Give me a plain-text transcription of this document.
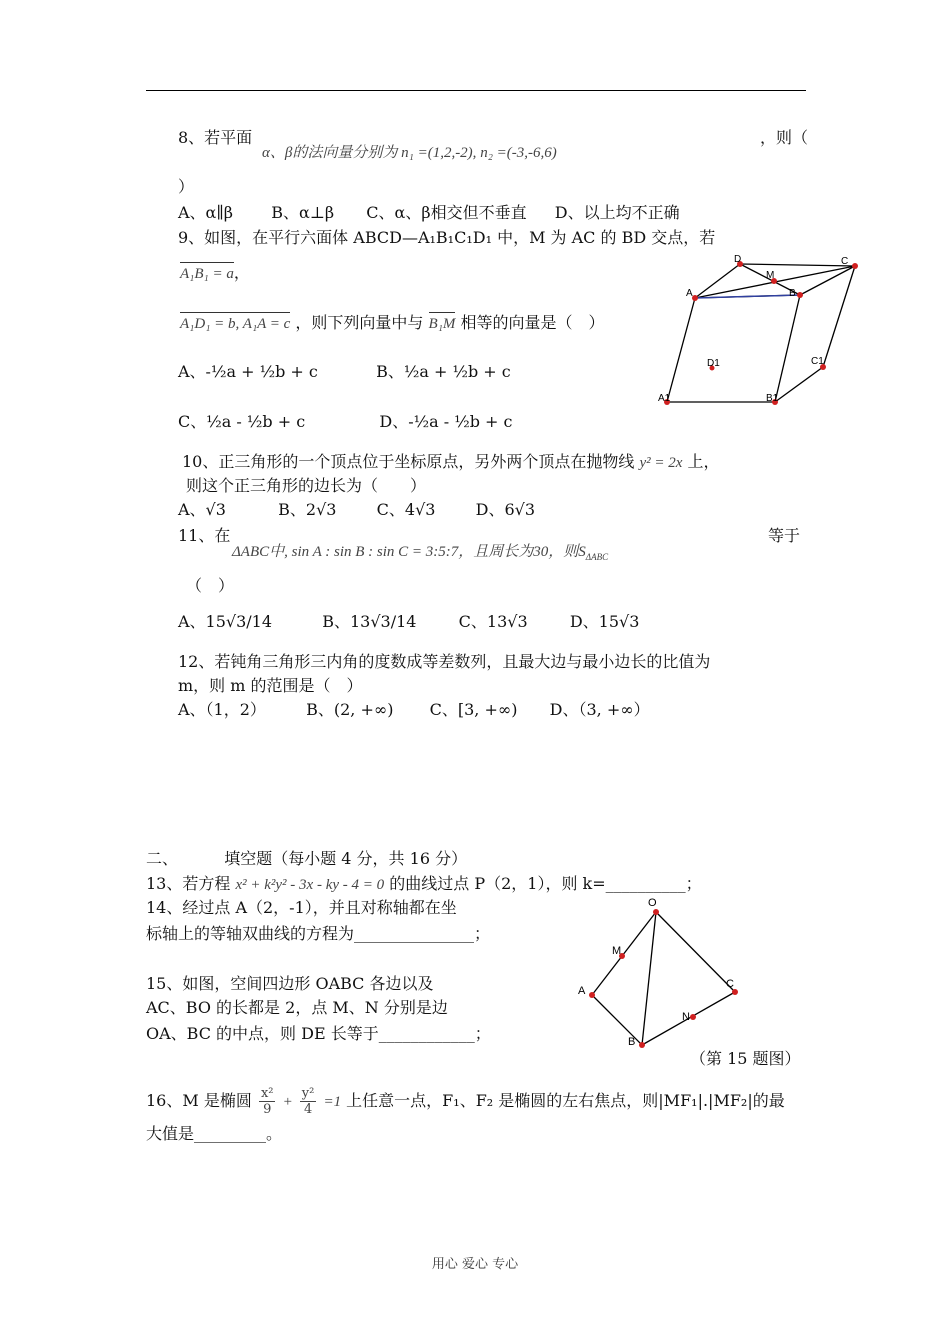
8、若平面
α、β的法向量分别为 n₁ =(1,2,-2), n₂ =(-3,-6,6)
，则（
）
A、α∥β B、α⊥β C、α、β相交但不垂直 D、以上均不正确
9、如图，在平行六面体 ABCD—A₁B₁C₁D₁ 中，M 为 AC 的 BD 交点，若
A₁B₁ = a，
A₁D₁ = b, A₁A = c ，则下列向量中与 B₁M 相等的向量是（　）
A、-½a + ½b + c	B、½a + ½b + c
C、½a - ½b + c	D、-½a - ½b + c
D
M
C
A	B
D1	C1
A1	B1
10、正三角形的一个顶点位于坐标原点，另外两个顶点在抛物线 y² = 2x 上，
则这个正三角形的边长为（　　）
A、√3	B、2√3	C、4√3	D、6√3
11、在
ΔABC中, sin A : sin B : sin C = 3:5:7，且周长为30，则$S_{\Delta ABC}$
等于
（　）
A、15√3/14	B、13√3/14	C、13√3	D、15√3
12、若钝角三角形三内角的度数成等差数列，且最大边与最小边长的比值为
m，则 m 的范围是（　）
A、（1，2）	B、(2, +∞) C、[3, +∞) D、（3, +∞）
二、	填空题（每小题 4 分，共 16 分）
13、若方程 x² + k²y² - 3x - ky - 4 = 0 的曲线过点 P（2，1），则 k=__________；
14、经过点 A（2，-1），并且对称轴都在坐
标轴上的等轴双曲线的方程为_______________；
15、如图，空间四边形 OABC 各边以及
AC、BO 的长都是 2，点 M、N 分别是边
OA、BC 的中点，则 DE 长等于____________；
O
M
A
C
N
B
（第 15 题图）
16、M 是椭圆 $\frac{\text{x²}}{9} + \frac{\text{y²}}{4} =1$ 上任意一点，F₁、F₂ 是椭圆的左右焦点，则|MF₁|.|MF₂|的最
大值是_________。
用心 爱心 专心
